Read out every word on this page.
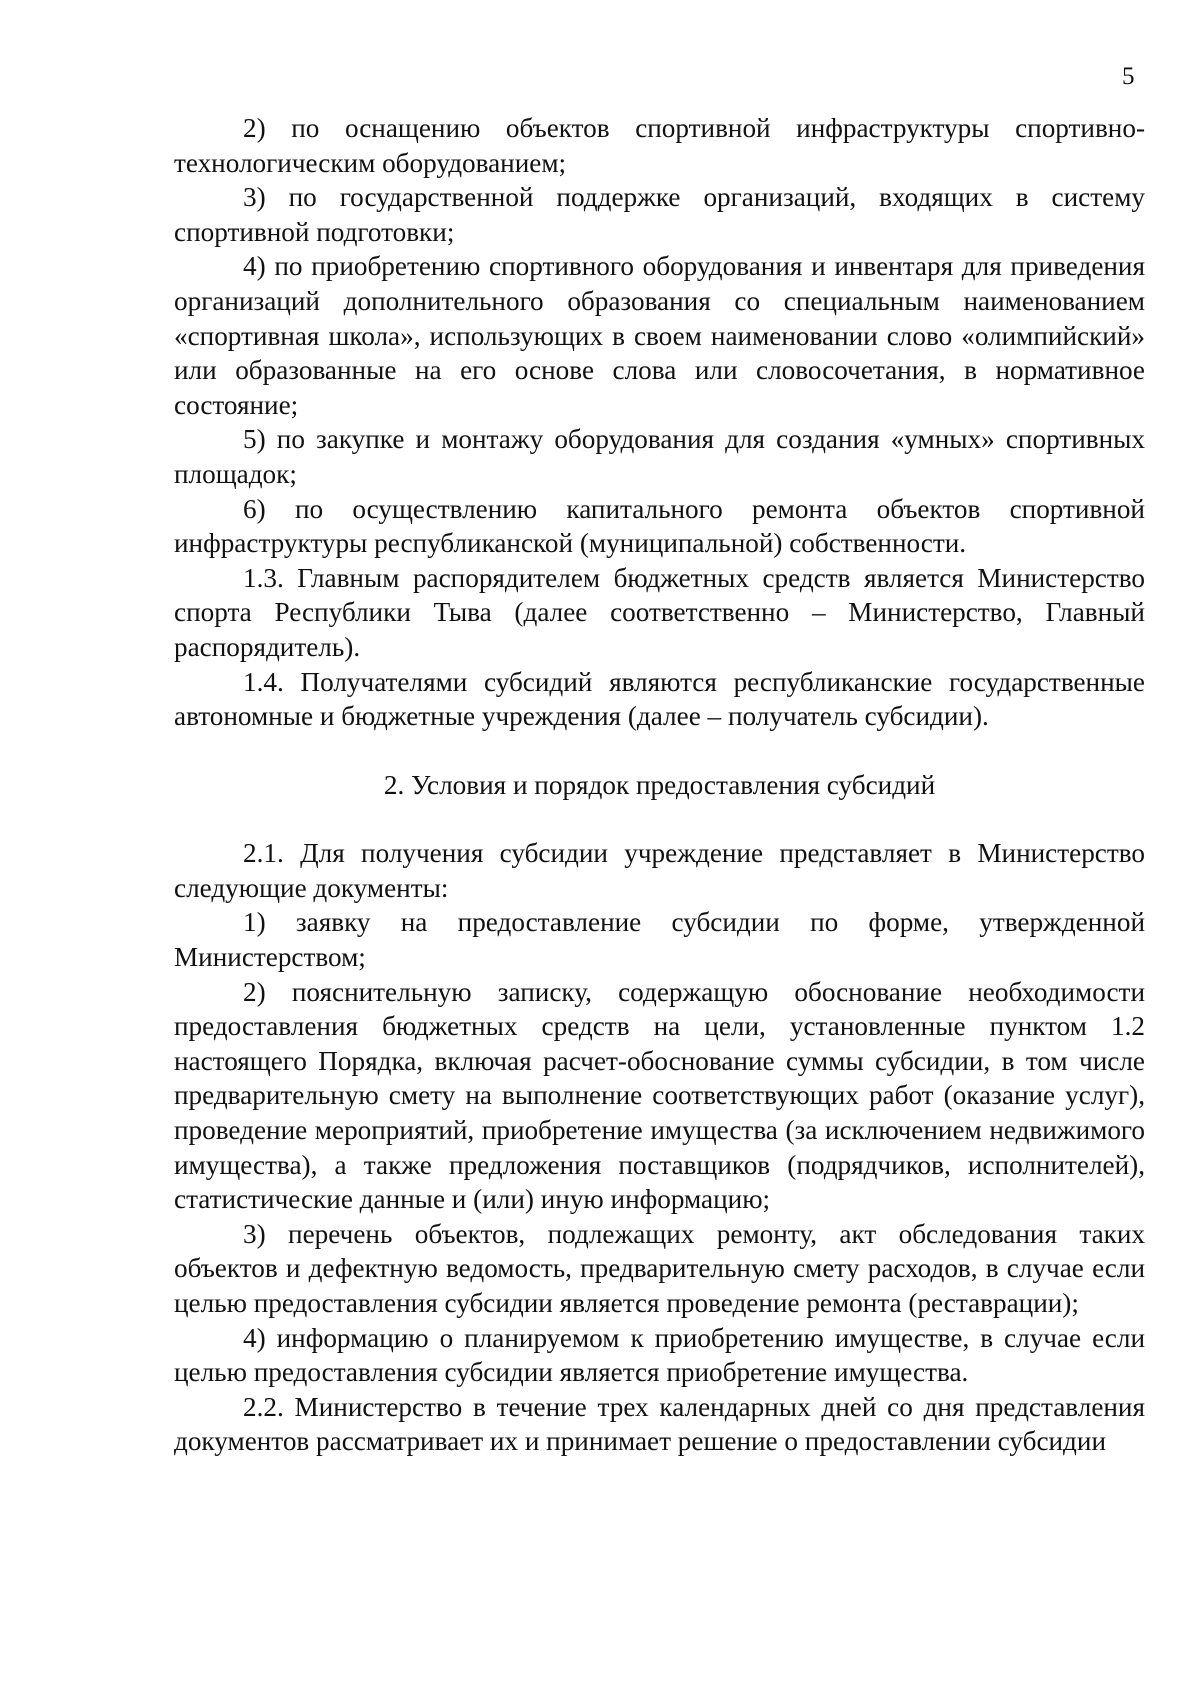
5

2) по оснащению объектов спортивной инфраструктуры спортивно-технологическим оборудованием;

3) по государственной поддержке организаций, входящих в систему спортивной подготовки;

4) по приобретению спортивного оборудования и инвентаря для приведения организаций дополнительного образования со специальным наименованием «спортивная школа», использующих в своем наименовании слово «олимпийский» или образованные на его основе слова или словосочетания, в нормативное состояние;

5) по закупке и монтажу оборудования для создания «умных» спортивных площадок;

6) по осуществлению капитального ремонта объектов спортивной инфраструктуры республиканской (муниципальной) собственности.

1.3. Главным распорядителем бюджетных средств является Министерство спорта Республики Тыва (далее соответственно – Министерство, Главный распорядитель).

1.4. Получателями субсидий являются республиканские государственные автономные и бюджетные учреждения (далее – получатель субсидии).

2. Условия и порядок предоставления субсидий

2.1. Для получения субсидии учреждение представляет в Министерство следующие документы:

1) заявку на предоставление субсидии по форме, утвержденной Министерством;

2) пояснительную записку, содержащую обоснование необходимости предоставления бюджетных средств на цели, установленные пунктом 1.2 настоящего Порядка, включая расчет-обоснование суммы субсидии, в том числе предварительную смету на выполнение соответствующих работ (оказание услуг), проведение мероприятий, приобретение имущества (за исключением недвижимого имущества), а также предложения поставщиков (подрядчиков, исполнителей), статистические данные и (или) иную информацию;

3) перечень объектов, подлежащих ремонту, акт обследования таких объектов и дефектную ведомость, предварительную смету расходов, в случае если целью предоставления субсидии является проведение ремонта (реставрации);

4) информацию о планируемом к приобретению имуществе, в случае если целью предоставления субсидии является приобретение имущества.

2.2. Министерство в течение трех календарных дней со дня представления документов рассматривает их и принимает решение о предоставлении субсидии
